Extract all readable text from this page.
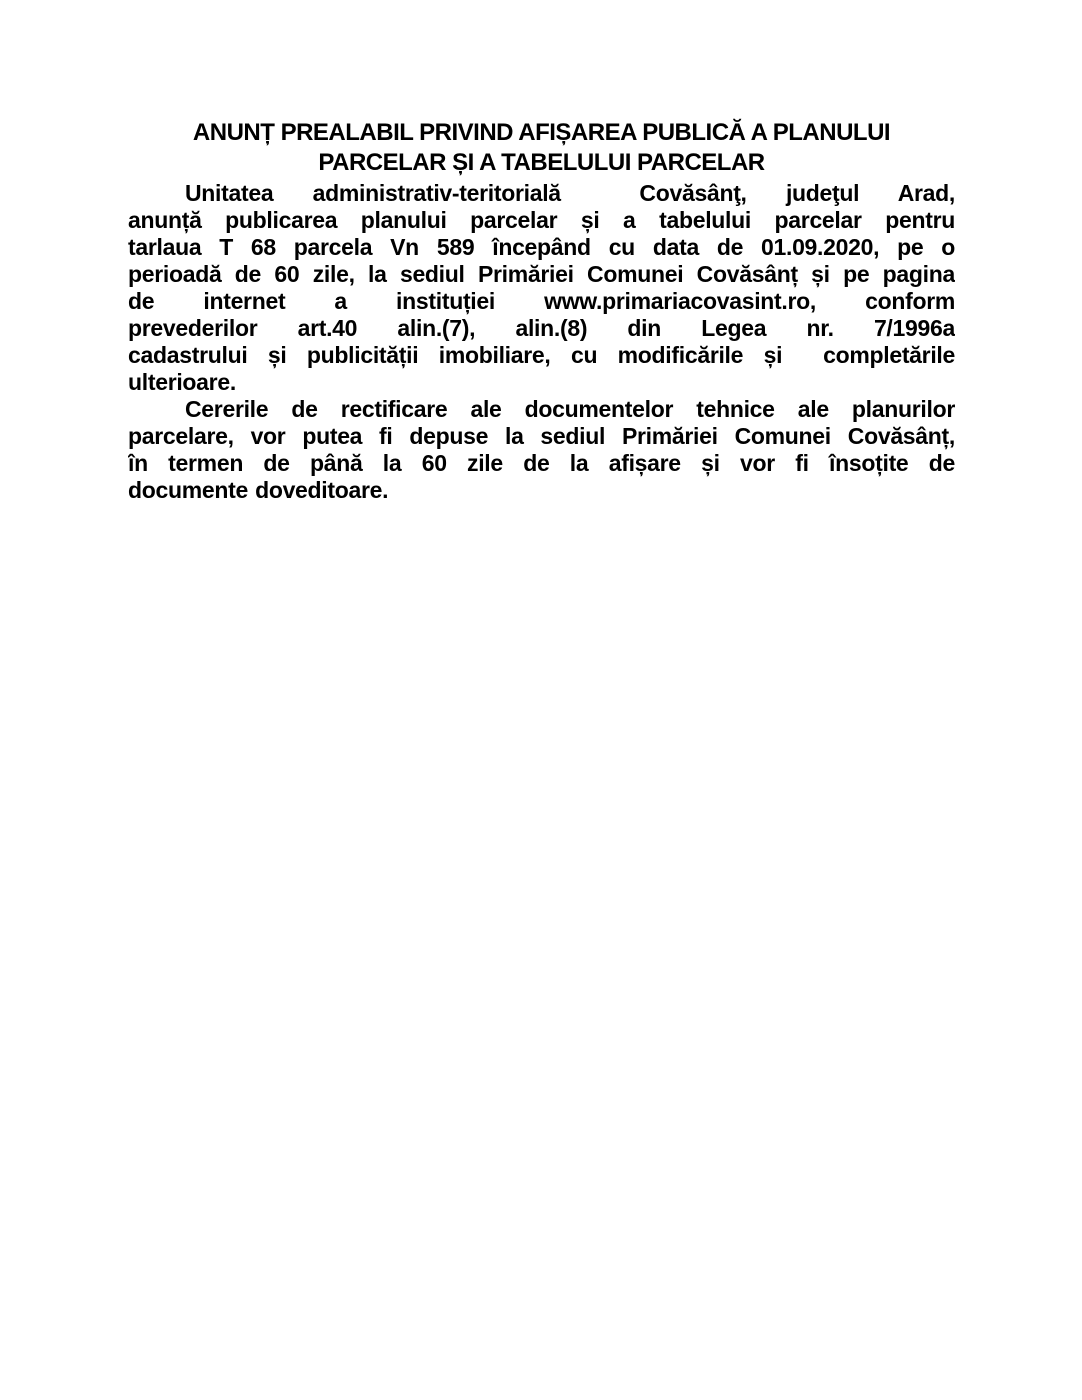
ANUNȚ PREALABIL PRIVIND AFIȘAREA PUBLICĂ A PLANULUI
PARCELAR ȘI A TABELULUI PARCELAR
Unitatea administrativ-teritorială  Covăsânţ, judeţul Arad,
anunță publicarea planului parcelar și a tabelului parcelar pentru
tarlaua T 68 parcela Vn 589 începând cu data de 01.09.2020, pe o
perioadă de 60 zile, la sediul Primăriei Comunei Covăsânț și pe pagina
de internet a instituției www.primariacovasint.ro, conform
prevederilor art.40 alin.(7), alin.(8) din Legea nr. 7/1996a
cadastrului și publicității imobiliare, cu modificările și  completările
ulterioare.
Cererile de rectificare ale documentelor tehnice ale planurilor
parcelare, vor putea fi depuse la sediul Primăriei Comunei Covăsânț,
în termen de până la 60 zile de la afișare și vor fi însoțite de
documente doveditoare.
